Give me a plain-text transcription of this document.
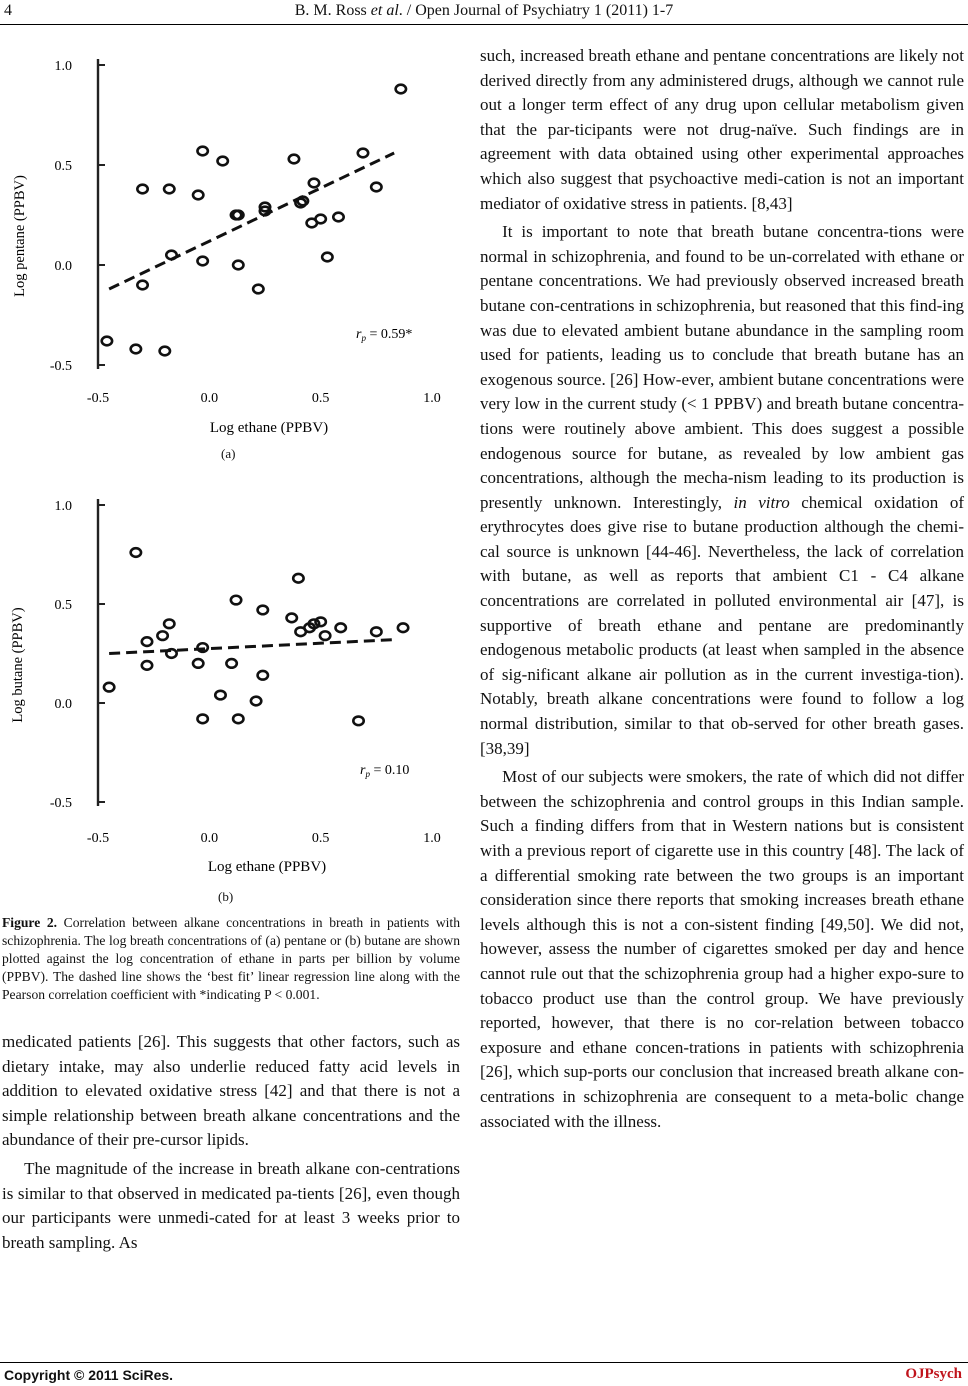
4	B. M. Ross et al. / Open Journal of Psychiatry 1 (2011) 1-7
1.0
0.5
0.0
-0.5
-0.5	0.0	0.5	1.0
$r_p = 0.59*$
Log pentane (PPBV)
Log ethane (PPBV)
(a)
1.0
0.5
0.0
-0.5
-0.5	0.0	0.5	1.0
$r_p = 0.10$
Log butane (PPBV)
Log ethane (PPBV)
(b)
Figure 2. Correlation between alkane concentrations in breath in patients with schizophrenia. The log breath concentrations of (a) pentane or (b) butane are shown plotted against the log concentration of ethane in parts per billion by volume (PPBV). The dashed line shows the ‘best fit’ linear regression line along with the Pearson correlation coefficient with *indicating P < 0.001.

medicated patients [26]. This suggests that other factors, such as dietary intake, may also underlie reduced fatty acid levels in addition to elevated oxidative stress [42] and that there is not a simple relationship between breath alkane concentrations and the abundance of their pre-cursor lipids.

The magnitude of the increase in breath alkane con-centrations is similar to that observed in medicated pa-tients [26], even though our participants were unmedi-cated for at least 3 weeks prior to breath sampling. As

such, increased breath ethane and pentane concentrations are likely not derived directly from any administered drugs, although we cannot rule out a longer term effect of any drug upon cellular metabolism given that the par-ticipants were not drug-naïve. Such findings are in agreement with data obtained using other experimental approaches which also suggest that psychoactive medi-cation is not an important mediator of oxidative stress in patients. [8,43]

It is important to note that breath butane concentra-tions were normal in schizophrenia, and found to be un-correlated with ethane or pentane concentrations. We had previously observed increased breath butane con-centrations in schizophrenia, but reasoned that this find-ing was due to elevated ambient butane abundance in the sampling room used for patients, leading us to conclude that breath butane has an exogenous source. [26] How-ever, ambient butane concentrations were very low in the current study (< 1 PPBV) and breath butane concentra-tions were routinely above ambient. This does suggest a possible endogenous source for butane, as revealed by low ambient gas concentrations, although the mecha-nism leading to its production is presently unknown. Interestingly, in vitro chemical oxidation of erythrocytes does give rise to butane production although the chemi-cal source is unknown [44-46]. Nevertheless, the lack of correlation with butane, as well as reports that ambient C1 - C4 alkane concentrations are correlated in polluted environmental air [47], is supportive of breath ethane and pentane are predominantly endogenous metabolic products (at least when sampled in the absence of sig-nificant alkane air pollution as in the current investiga-tion). Notably, breath alkane concentrations were found to follow a log normal distribution, similar to that ob-served for other breath gases. [38,39]

Most of our subjects were smokers, the rate of which did not differ between the schizophrenia and control groups in this Indian sample. Such a finding differs from that in Western nations but is consistent with a previous report of cigarette use in this country [48]. The lack of a differential smoking rate between the two groups is an important consideration since there reports that smoking increases breath ethane levels although this is not a con-sistent finding [49,50]. We did not, however, assess the number of cigarettes smoked per day and hence cannot rule out that the schizophrenia group had a higher expo-sure to tobacco product use than the control group. We have previously reported, however, that there is no cor-relation between tobacco exposure and ethane concen-trations in patients with schizophrenia [26], which sup-ports our conclusion that increased breath alkane con-centrations in schizophrenia are consequent to a meta-bolic change associated with the illness.

Copyright © 2011 SciRes.	OJPsych
